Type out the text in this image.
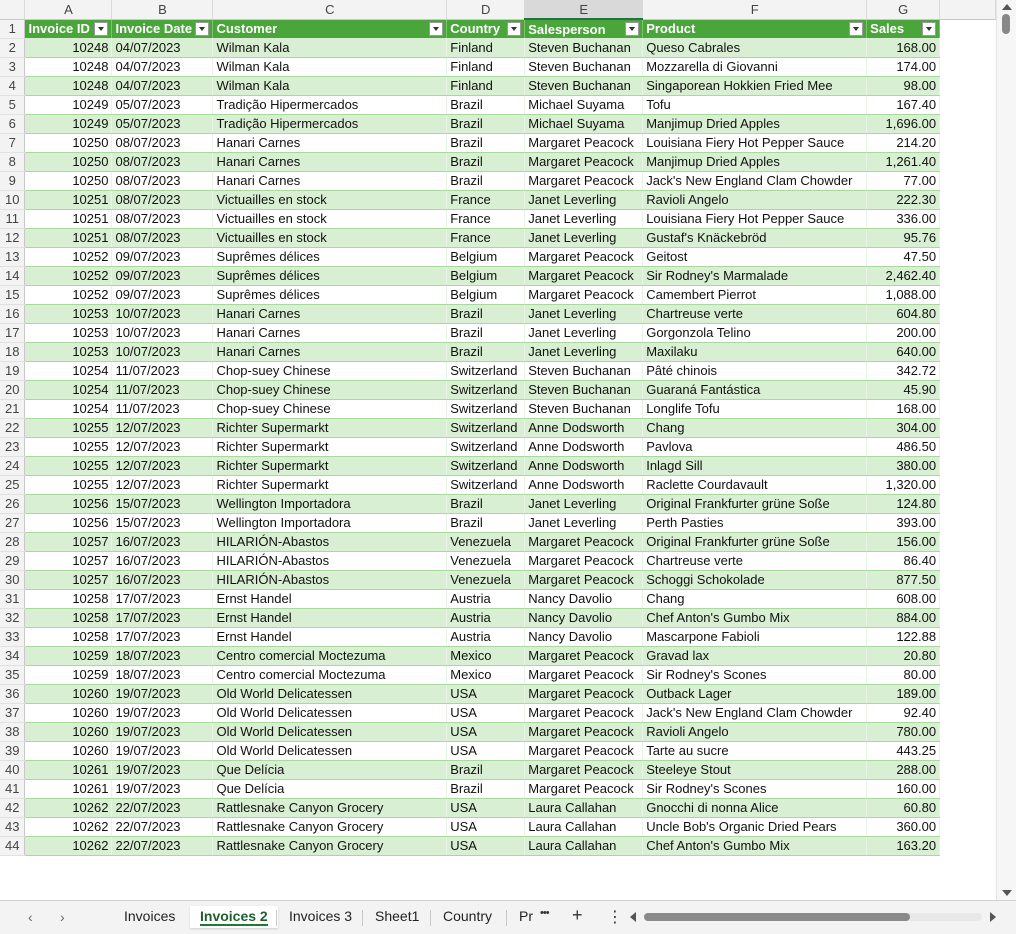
	A	B	C	D	E	F	G	
1	Invoice ID	Invoice Date	Customer	Country	Salesperson	Product	Sales

2	10248	04/07/2023	Wilman Kala	Finland	Steven Buchanan	Queso Cabrales	168.00	
3	10248	04/07/2023	Wilman Kala	Finland	Steven Buchanan	Mozzarella di Giovanni	174.00	
4	10248	04/07/2023	Wilman Kala	Finland	Steven Buchanan	Singaporean Hokkien Fried Mee	98.00	
5	10249	05/07/2023	Tradição Hipermercados	Brazil	Michael Suyama	Tofu	167.40	
6	10249	05/07/2023	Tradição Hipermercados	Brazil	Michael Suyama	Manjimup Dried Apples	1,696.00	
7	10250	08/07/2023	Hanari Carnes	Brazil	Margaret Peacock	Louisiana Fiery Hot Pepper Sauce	214.20	
8	10250	08/07/2023	Hanari Carnes	Brazil	Margaret Peacock	Manjimup Dried Apples	1,261.40	
9	10250	08/07/2023	Hanari Carnes	Brazil	Margaret Peacock	Jack's New England Clam Chowder	77.00	
10	10251	08/07/2023	Victuailles en stock	France	Janet Leverling	Ravioli Angelo	222.30	
11	10251	08/07/2023	Victuailles en stock	France	Janet Leverling	Louisiana Fiery Hot Pepper Sauce	336.00	
12	10251	08/07/2023	Victuailles en stock	France	Janet Leverling	Gustaf's Knäckebröd	95.76	
13	10252	09/07/2023	Suprêmes délices	Belgium	Margaret Peacock	Geitost	47.50	
14	10252	09/07/2023	Suprêmes délices	Belgium	Margaret Peacock	Sir Rodney's Marmalade	2,462.40	
15	10252	09/07/2023	Suprêmes délices	Belgium	Margaret Peacock	Camembert Pierrot	1,088.00	
16	10253	10/07/2023	Hanari Carnes	Brazil	Janet Leverling	Chartreuse verte	604.80	
17	10253	10/07/2023	Hanari Carnes	Brazil	Janet Leverling	Gorgonzola Telino	200.00	
18	10253	10/07/2023	Hanari Carnes	Brazil	Janet Leverling	Maxilaku	640.00	
19	10254	11/07/2023	Chop-suey Chinese	Switzerland	Steven Buchanan	Pâté chinois	342.72	
20	10254	11/07/2023	Chop-suey Chinese	Switzerland	Steven Buchanan	Guaraná Fantástica	45.90	
21	10254	11/07/2023	Chop-suey Chinese	Switzerland	Steven Buchanan	Longlife Tofu	168.00	
22	10255	12/07/2023	Richter Supermarkt	Switzerland	Anne Dodsworth	Chang	304.00	
23	10255	12/07/2023	Richter Supermarkt	Switzerland	Anne Dodsworth	Pavlova	486.50	
24	10255	12/07/2023	Richter Supermarkt	Switzerland	Anne Dodsworth	Inlagd Sill	380.00	
25	10255	12/07/2023	Richter Supermarkt	Switzerland	Anne Dodsworth	Raclette Courdavault	1,320.00	
26	10256	15/07/2023	Wellington Importadora	Brazil	Janet Leverling	Original Frankfurter grüne Soße	124.80	
27	10256	15/07/2023	Wellington Importadora	Brazil	Janet Leverling	Perth Pasties	393.00	
28	10257	16/07/2023	HILARIÓN-Abastos	Venezuela	Margaret Peacock	Original Frankfurter grüne Soße	156.00	
29	10257	16/07/2023	HILARIÓN-Abastos	Venezuela	Margaret Peacock	Chartreuse verte	86.40	
30	10257	16/07/2023	HILARIÓN-Abastos	Venezuela	Margaret Peacock	Schoggi Schokolade	877.50	
31	10258	17/07/2023	Ernst Handel	Austria	Nancy Davolio	Chang	608.00	
32	10258	17/07/2023	Ernst Handel	Austria	Nancy Davolio	Chef Anton's Gumbo Mix	884.00	
33	10258	17/07/2023	Ernst Handel	Austria	Nancy Davolio	Mascarpone Fabioli	122.88	
34	10259	18/07/2023	Centro comercial Moctezuma	Mexico	Margaret Peacock	Gravad lax	20.80	
35	10259	18/07/2023	Centro comercial Moctezuma	Mexico	Margaret Peacock	Sir Rodney's Scones	80.00	
36	10260	19/07/2023	Old World Delicatessen	USA	Margaret Peacock	Outback Lager	189.00	
37	10260	19/07/2023	Old World Delicatessen	USA	Margaret Peacock	Jack's New England Clam Chowder	92.40	
38	10260	19/07/2023	Old World Delicatessen	USA	Margaret Peacock	Ravioli Angelo	780.00	
39	10260	19/07/2023	Old World Delicatessen	USA	Margaret Peacock	Tarte au sucre	443.25	
40	10261	19/07/2023	Que Delícia	Brazil	Margaret Peacock	Steeleye Stout	288.00	
41	10261	19/07/2023	Que Delícia	Brazil	Margaret Peacock	Sir Rodney's Scones	160.00	
42	10262	22/07/2023	Rattlesnake Canyon Grocery	USA	Laura Callahan	Gnocchi di nonna Alice	60.80	
43	10262	22/07/2023	Rattlesnake Canyon Grocery	USA	Laura Callahan	Uncle Bob's Organic Dried Pears	360.00	
44	10262	22/07/2023	Rattlesnake Canyon Grocery	USA	Laura Callahan	Chef Anton's Gumbo Mix	163.20	
‹ ›	Invoices	Invoices 2	Invoices 3 Sheet1 Country Pr ••• + ⋮
